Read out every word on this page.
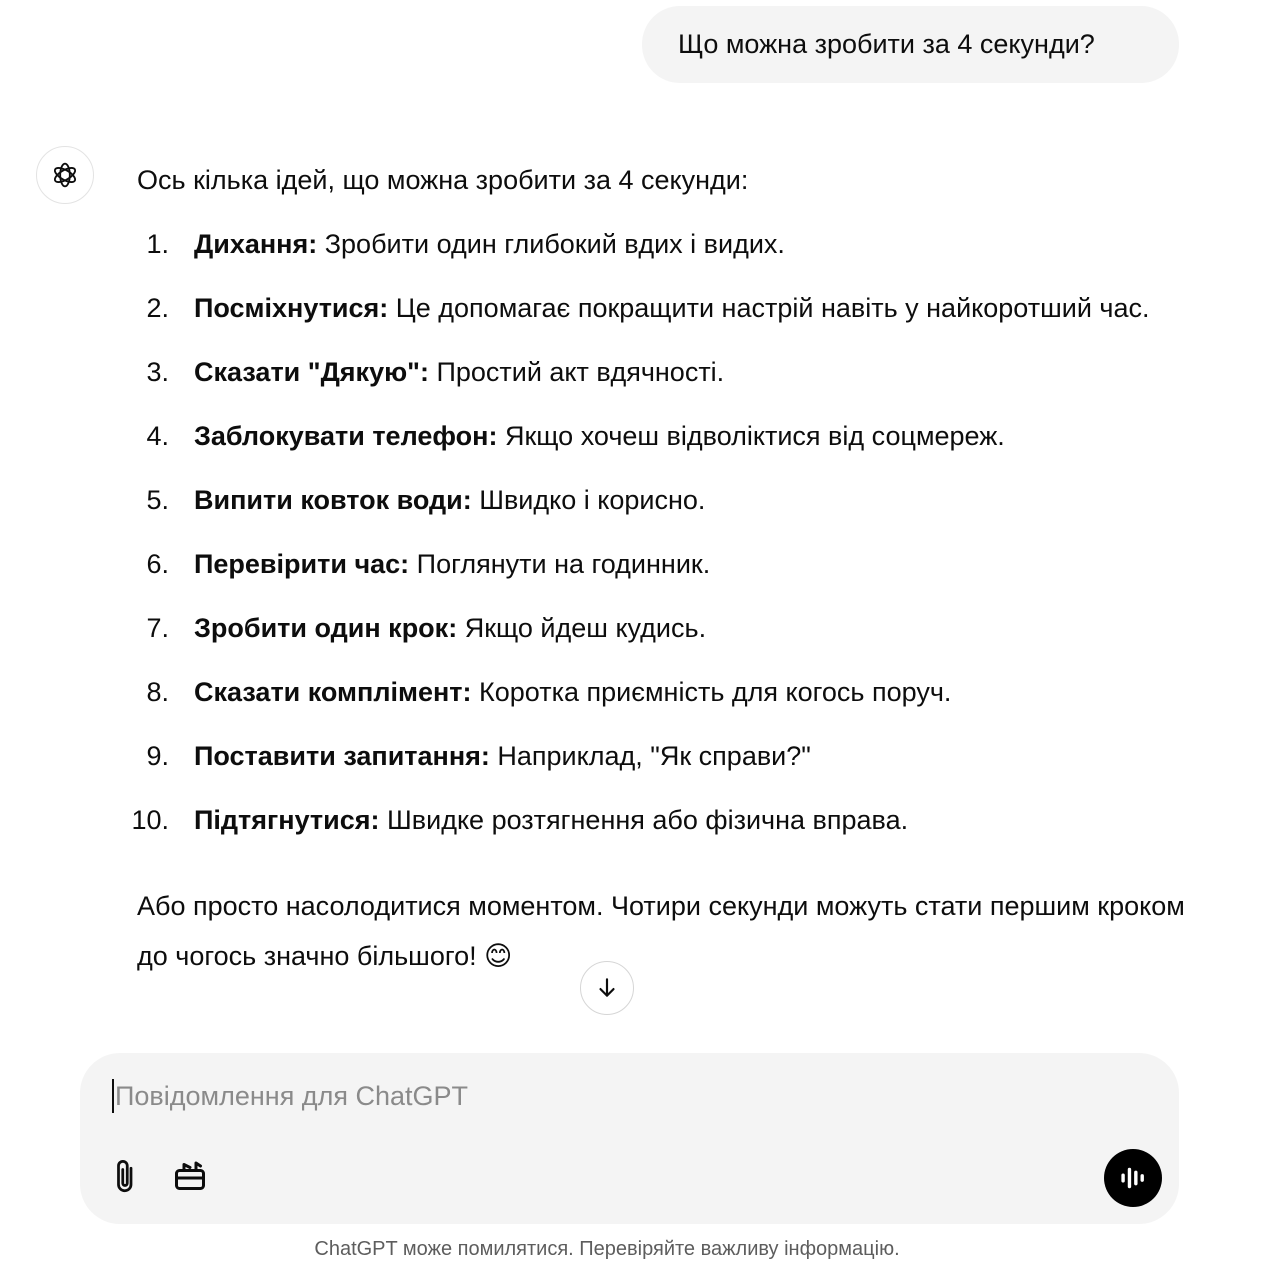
Що можна зробити за 4 секунди?

Ось кілька ідей, що можна зробити за 4 секунди:

1. Дихання: Зробити один глибокий вдих і видих.
2. Посміхнутися: Це допомагає покращити настрій навіть у найкоротший час.
3. Сказати "Дякую": Простий акт вдячності.
4. Заблокувати телефон: Якщо хочеш відволіктися від соцмереж.
5. Випити ковток води: Швидко і корисно.
6. Перевірити час: Поглянути на годинник.
7. Зробити один крок: Якщо йдеш кудись.
8. Сказати комплімент: Коротка приємність для когось поруч.
9. Поставити запитання: Наприклад, "Як справи?"
10. Підтягнутися: Швидке розтягнення або фізична вправа.

Або просто насолодитися моментом. Чотири секунди можуть стати першим кроком до чогось значно більшого! 😊

Повідомлення для ChatGPT
ChatGPT може помилятися. Перевіряйте важливу інформацію.
